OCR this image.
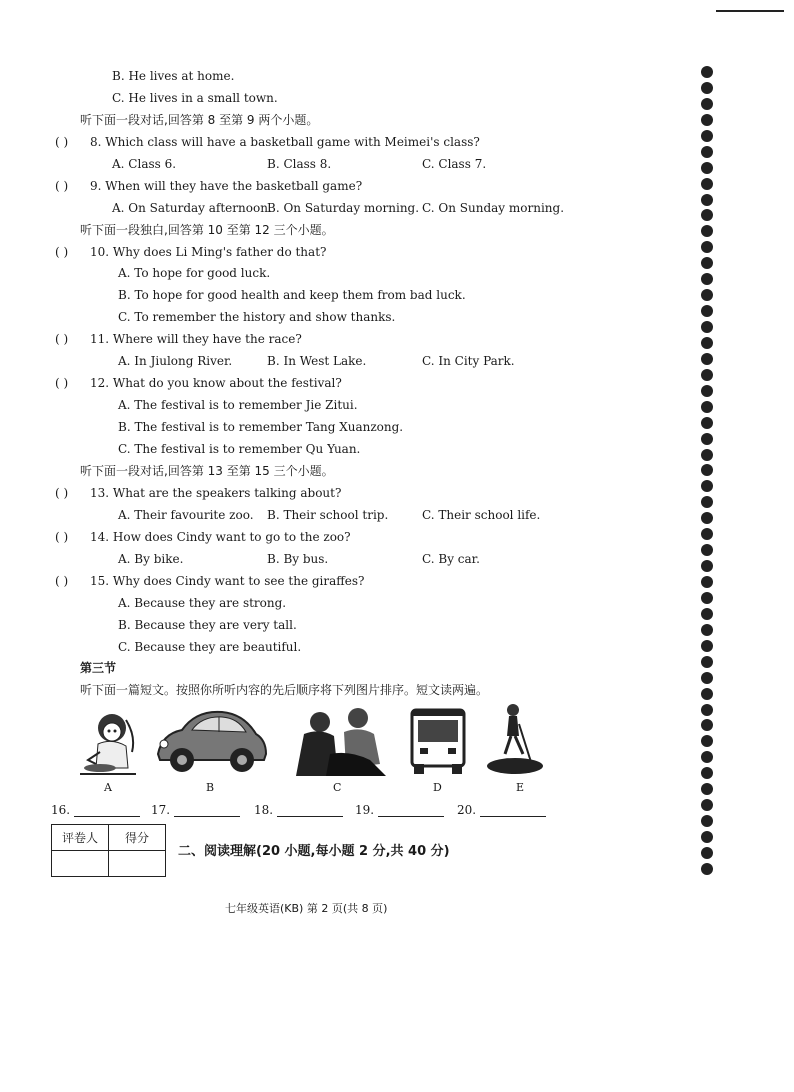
B. He lives at home.
C. He lives in a small town.
听下面一段对话,回答第 8 至第 9 两个小题。
( ) 8. Which class will have a basketball game with Meimei's class?
A. Class 6.	B. Class 8.	C. Class 7.
( ) 9. When will they have the basketball game?
A. On Saturday afternoon.
B. On Saturday morning. C. On Sunday morning.
听下面一段独白,回答第 10 至第 12 三个小题。
( ) 10. Why does Li Ming's father do that?
A. To hope for good luck.
B. To hope for good health and keep them from bad luck.
C. To remember the history and show thanks.
( ) 11. Where will they have the race?
A. In Jiulong River.	B. In West Lake.	C. In City Park.
( ) 12. What do you know about the festival?
A. The festival is to remember Jie Zitui.
B. The festival is to remember Tang Xuanzong.
C. The festival is to remember Qu Yuan.
听下面一段对话,回答第 13 至第 15 三个小题。
( ) 13. What are the speakers talking about?
A. Their favourite zoo. B. Their school trip.	C. Their school life.
( ) 14. How does Cindy want to go to the zoo?
A. By bike.	B. By bus.	C. By car.
( ) 15. Why does Cindy want to see the giraffes?
A. Because they are strong.
B. Because they are very tall.
C. Because they are beautiful.
第三节
听下面一篇短文。按照你所听内容的先后顺序将下列图片排序。短文读两遍。
A	B	C	D	E
16.	17.	18.	19.	20.
评卷人	得分

二、阅读理解(20 小题,每小题 2 分,共 40 分)
七年级英语(KB) 第 2 页(共 8 页)
